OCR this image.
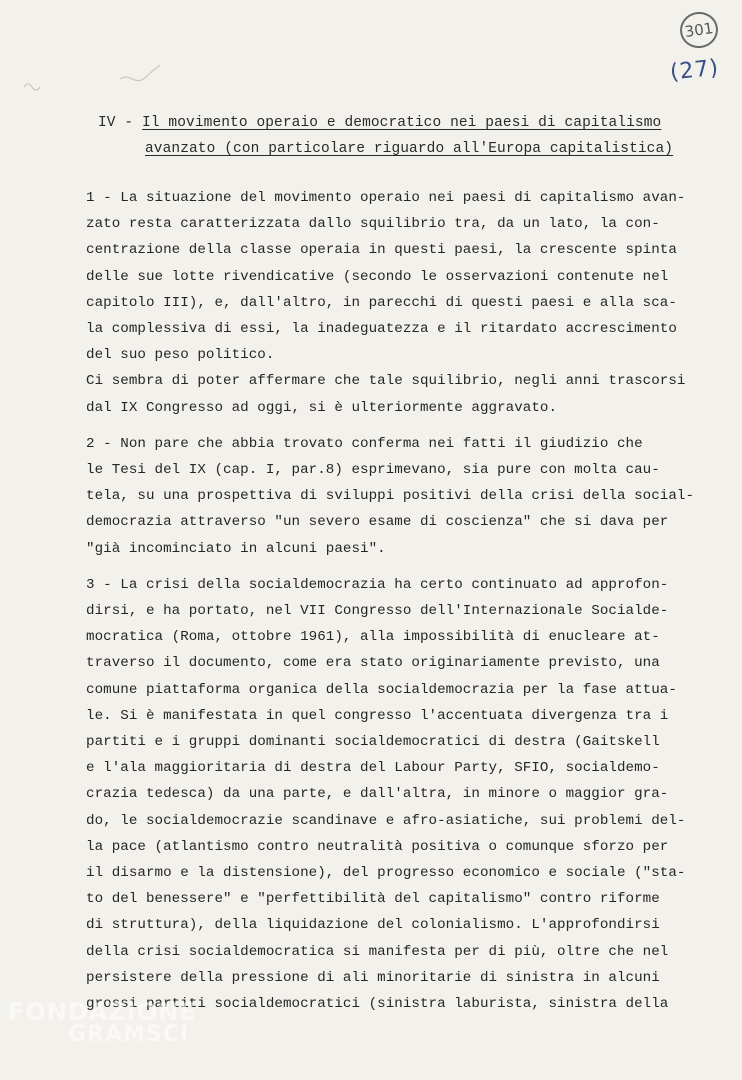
301
(27)
IV - Il movimento operaio e democratico nei paesi di capitalismo
avanzato (con particolare riguardo all'Europa capitalistica)
1 - La situazione del movimento operaio nei paesi di capitalismo avan-
zato resta caratterizzata dallo squilibrio tra, da un lato, la con-
centrazione della classe operaia in questi paesi, la crescente spinta
delle sue lotte rivendicative (secondo le osservazioni contenute nel
capitolo III), e, dall'altro, in parecchi di questi paesi e alla sca-
la complessiva di essi, la inadeguatezza e il ritardato accrescimento
del suo peso politico.
Ci sembra di poter affermare che tale squilibrio, negli anni trascorsi
dal IX Congresso ad oggi, si è ulteriormente aggravato.
2 - Non pare che abbia trovato conferma nei fatti il giudizio che
le Tesi del IX (cap. I, par.8) esprimevano, sia pure con molta cau-
tela, su una prospettiva di sviluppi positivi della crisi della social-
democrazia attraverso "un severo esame di coscienza" che si dava per
"già incominciato in alcuni paesi".
3 - La crisi della socialdemocrazia ha certo continuato ad approfon-
dirsi, e ha portato, nel VII Congresso dell'Internazionale Socialde-
mocratica (Roma, ottobre 1961), alla impossibilità di enucleare at-
traverso il documento, come era stato originariamente previsto, una
comune piattaforma organica della socialdemocrazia per la fase attua-
le. Si è manifestata in quel congresso l'accentuata divergenza tra i
partiti e i gruppi dominanti socialdemocratici di destra (Gaitskell
e l'ala maggioritaria di destra del Labour Party, SFIO, socialdemo-
crazia tedesca) da una parte, e dall'altra, in minore o maggior gra-
do, le socialdemocrazie scandinave e afro-asiatiche, sui problemi del-
la pace (atlantismo contro neutralità positiva o comunque sforzo per
il disarmo e la distensione), del progresso economico e sociale ("sta-
to del benessere" e "perfettibilità del capitalismo" contro riforme
di struttura), della liquidazione del colonialismo. L'approfondirsi
della crisi socialdemocratica si manifesta per di più, oltre che nel
persistere della pressione di ali minoritarie di sinistra in alcuni
grossi partiti socialdemocratici (sinistra laburista, sinistra della
FONDAZIONE
GRAMSCI
